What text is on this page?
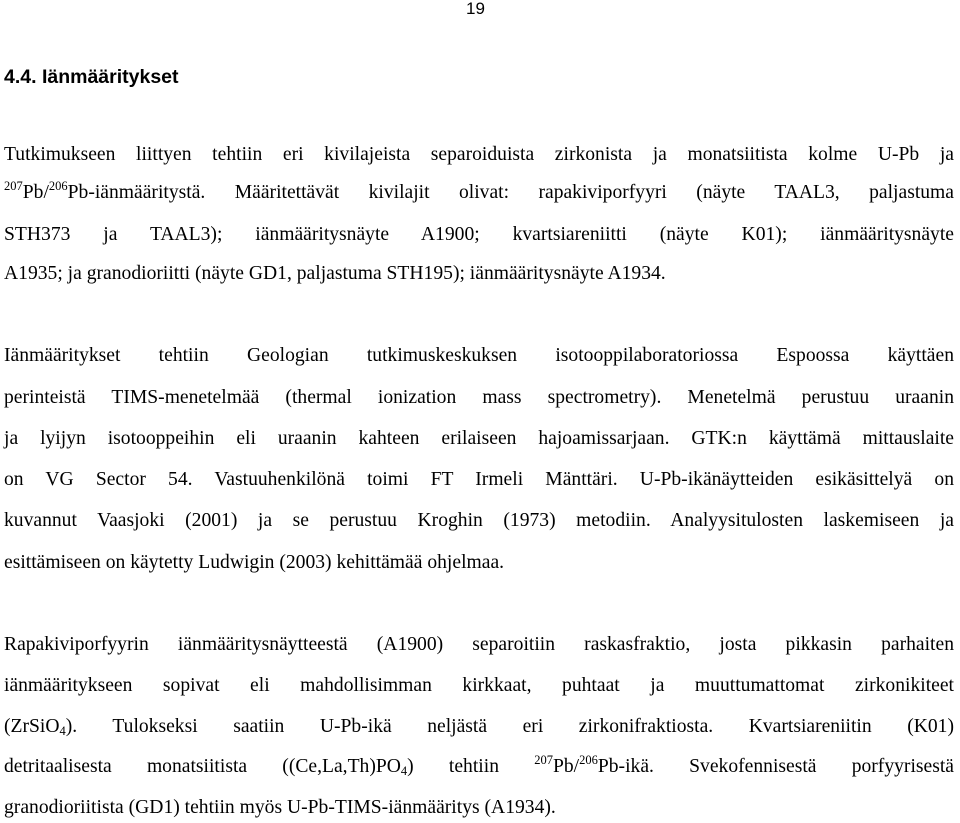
19
4.4. Iänmääritykset
Tutkimukseen liittyen tehtiin eri kivilajeista separoiduista zirkonista ja monatsiitista kolme U-Pb ja
$^{207}$Pb/$^{206}$Pb-iänmääritystä. Määritettävät kivilajit olivat: rapakiviporfyyri (näyte TAAL3, paljastuma
STH373 ja TAAL3); iänmääritysnäyte A1900; kvartsiareniitti (näyte K01); iänmääritysnäyte
A1935; ja granodioriitti (näyte GD1, paljastuma STH195); iänmääritysnäyte A1934.
Iänmääritykset tehtiin Geologian tutkimuskeskuksen isotooppilaboratoriossa Espoossa käyttäen
perinteistä TIMS-menetelmää (thermal ionization mass spectrometry). Menetelmä perustuu uraanin
ja lyijyn isotooppeihin eli uraanin kahteen erilaiseen hajoamissarjaan. GTK:n käyttämä mittauslaite
on VG Sector 54. Vastuuhenkilönä toimi FT Irmeli Mänttäri. U-Pb-ikänäytteiden esikäsittelyä on
kuvannut Vaasjoki (2001) ja se perustuu Kroghin (1973) metodiin. Analyysitulosten laskemiseen ja
esittämiseen on käytetty Ludwigin (2003) kehittämää ohjelmaa.
Rapakiviporfyyrin iänmääritysnäytteestä (A1900) separoitiin raskasfraktio, josta pikkasin parhaiten
iänmääritykseen sopivat eli mahdollisimman kirkkaat, puhtaat ja muuttumattomat zirkonikiteet
(ZrSiO$_4$). Tulokseksi saatiin U-Pb-ikä neljästä eri zirkonifraktiosta. Kvartsiareniitin (K01)
detritaalisesta monatsiitista $((Ce,La,Th)PO_4)$ tehtiin $^{207}$Pb/$^{206}$Pb-ikä. Svekofennisestä porfyyrisestä
granodioriitista (GD1) tehtiin myös U-Pb-TIMS-iänmääritys (A1934).
